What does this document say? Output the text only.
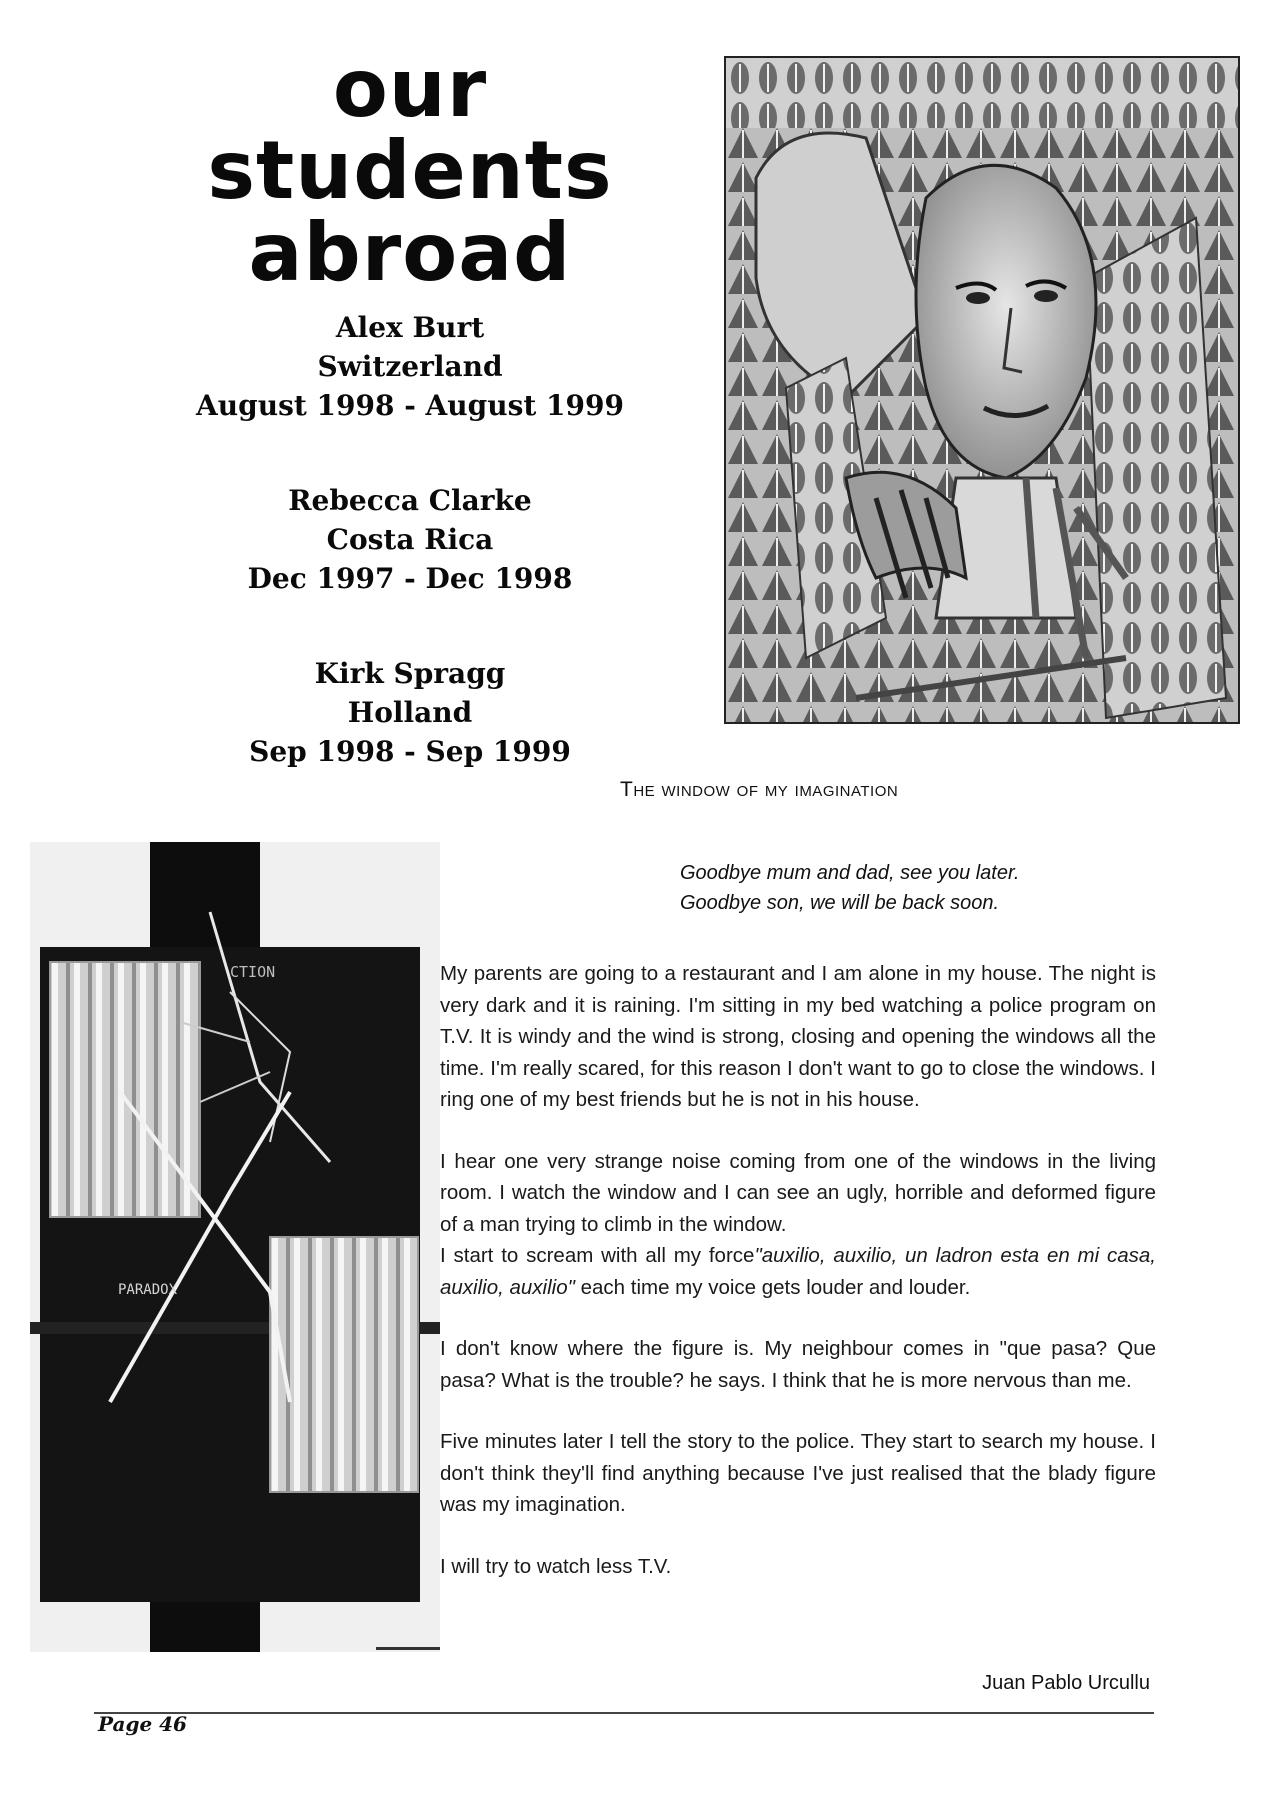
our
students
abroad
Alex Burt
Switzerland
August 1998 - August 1999
Rebecca Clarke
Costa Rica
Dec 1997 - Dec 1998
Kirk Spragg
Holland
Sep 1998 - Sep 1999
CTION
PARADOX
The window of my imagination
Goodbye mum and dad, see you later.
Goodbye son, we will be back soon.

My parents are going to a restaurant and I am alone in my house. The night is very dark and it is raining. I'm sitting in my bed watching a police program on T.V. It is windy and the wind is strong, closing and opening the windows all the time. I'm really scared, for this reason I don't want to go to close the windows. I ring one of my best friends but he is not in his house.

I hear one very strange noise coming from one of the windows in the living room. I watch the window and I can see an ugly, horrible and deformed figure of a man trying to climb in the window.

I start to scream with all my force"auxilio, auxilio, un ladron esta en mi casa, auxilio, auxilio" each time my voice gets louder and louder.

I don't know where the figure is. My neighbour comes in "que pasa? Que pasa? What is the trouble? he says. I think that he is more nervous than me.

Five minutes later I tell the story to the police. They start to search my house. I don't think they'll find anything because I've just realised that the blady figure was my imagination.

I will try to watch less T.V.

Juan Pablo Urcullu
Page 46
